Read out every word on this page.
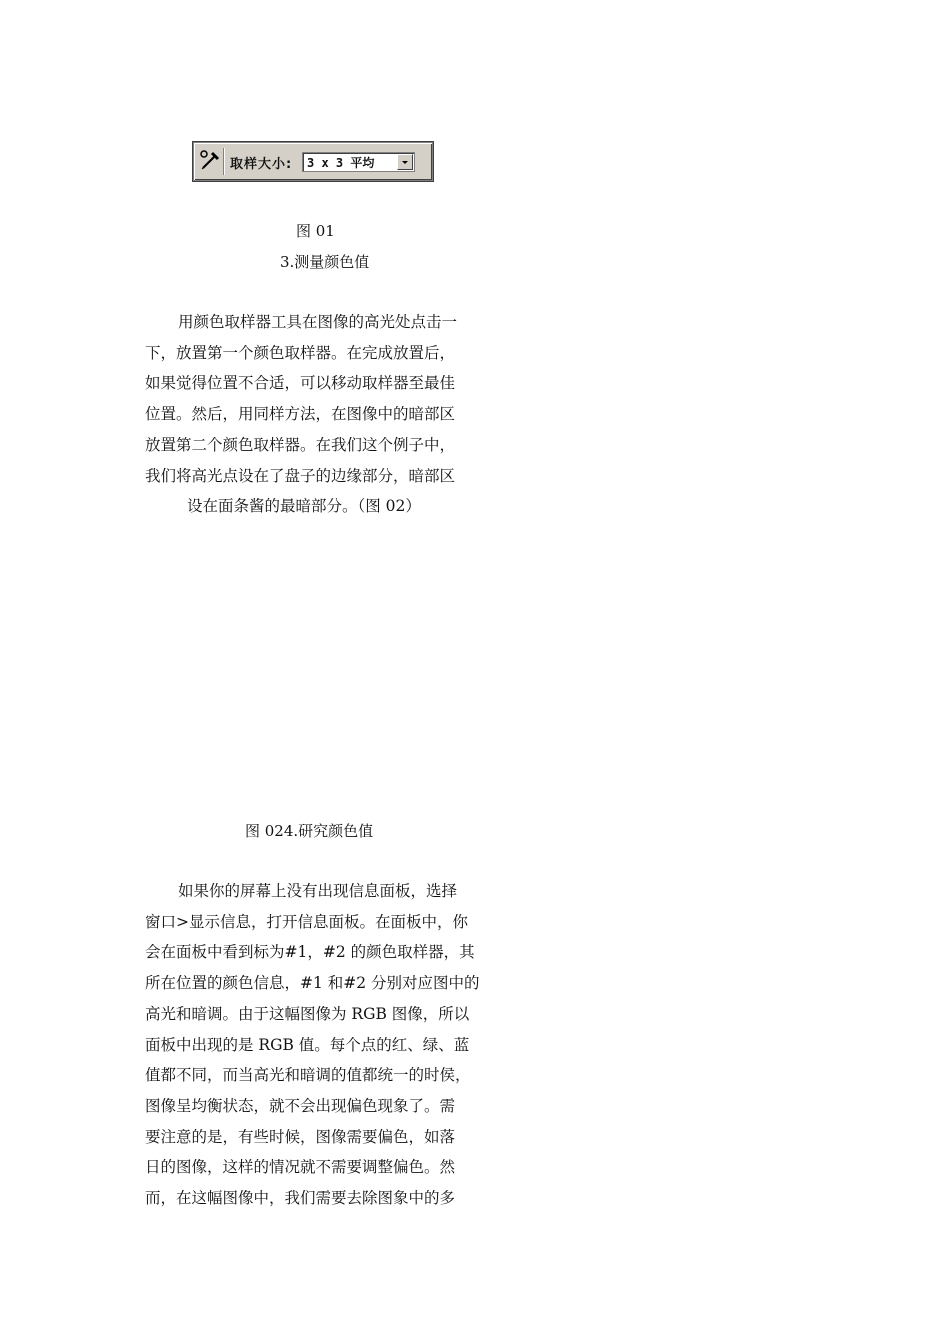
取样大小: 3 x 3 平均
图 01
3.测量颜色值
用颜色取样器工具在图像的高光处点击一
下，放置第一个颜色取样器。在完成放置后，
如果觉得位置不合适，可以移动取样器至最佳
位置。然后，用同样方法，在图像中的暗部区
放置第二个颜色取样器。在我们这个例子中，
我们将高光点设在了盘子的边缘部分，暗部区
设在面条酱的最暗部分。（图 02）
图 024.研究颜色值
如果你的屏幕上没有出现信息面板，选择
窗口>显示信息，打开信息面板。在面板中，你
会在面板中看到标为#1，#2 的颜色取样器，其
所在位置的颜色信息，#1 和#2 分别对应图中的
高光和暗调。由于这幅图像为 RGB 图像，所以
面板中出现的是 RGB 值。每个点的红、绿、蓝
值都不同，而当高光和暗调的值都统一的时侯，
图像呈均衡状态，就不会出现偏色现象了。需
要注意的是，有些时候，图像需要偏色，如落
日的图像，这样的情况就不需要调整偏色。然
而，在这幅图像中，我们需要去除图象中的多
